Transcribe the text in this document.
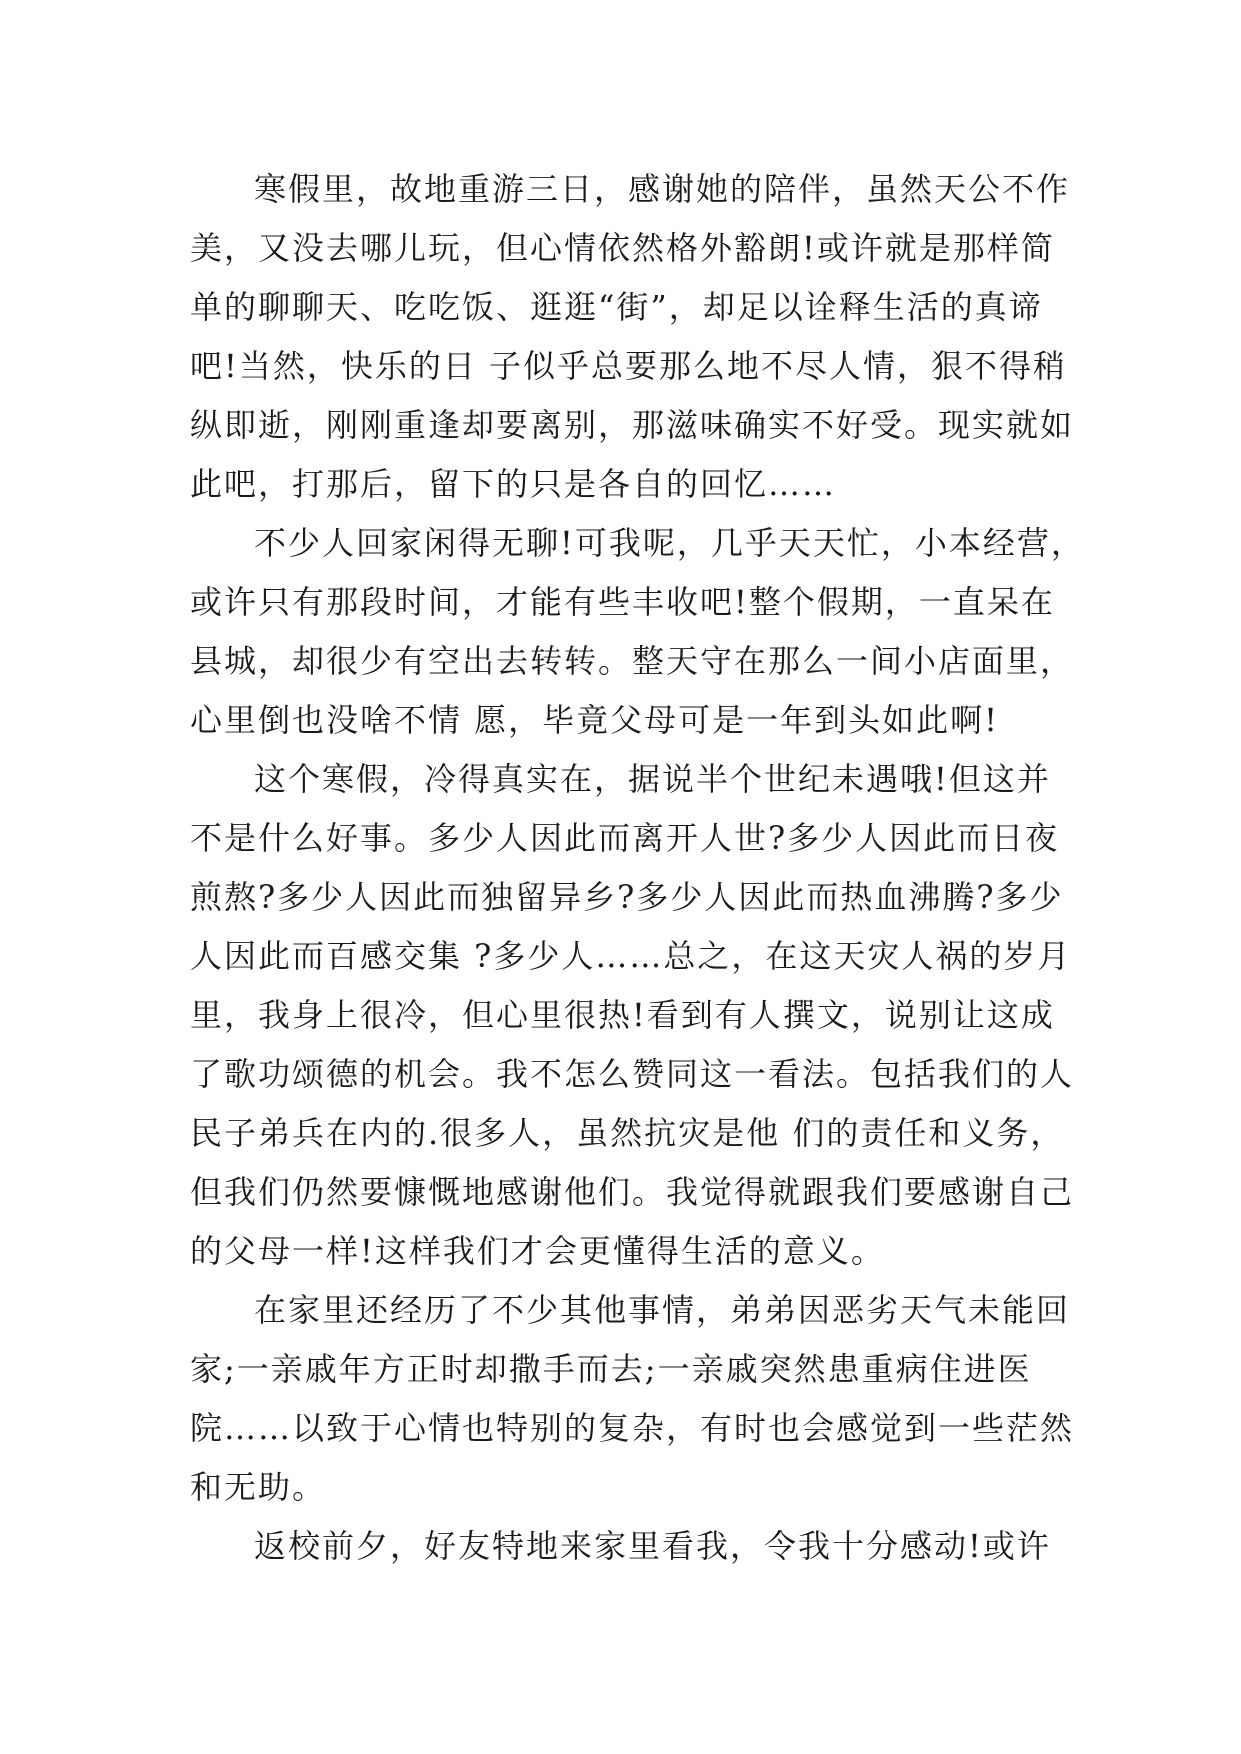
寒假里，故地重游三日，感谢她的陪伴，虽然天公不作
美，又没去哪儿玩，但心情依然格外豁朗!或许就是那样简
单的聊聊天、吃吃饭、逛逛“街”，却足以诠释生活的真谛
吧!当然，快乐的日 子似乎总要那么地不尽人情，狠不得稍
纵即逝，刚刚重逢却要离别，那滋味确实不好受。现实就如
此吧，打那后，留下的只是各自的回忆……
不少人回家闲得无聊!可我呢，几乎天天忙，小本经营，
或许只有那段时间，才能有些丰收吧!整个假期，一直呆在
县城，却很少有空出去转转。整天守在那么一间小店面里，
心里倒也没啥不情 愿，毕竟父母可是一年到头如此啊!
这个寒假，冷得真实在，据说半个世纪未遇哦!但这并
不是什么好事。多少人因此而离开人世?多少人因此而日夜
煎熬?多少人因此而独留异乡?多少人因此而热血沸腾?多少
人因此而百感交集 ?多少人……总之，在这天灾人祸的岁月
里，我身上很冷，但心里很热!看到有人撰文，说别让这成
了歌功颂德的机会。我不怎么赞同这一看法。包括我们的人
民子弟兵在内的.很多人，虽然抗灾是他 们的责任和义务，
但我们仍然要慷慨地感谢他们。我觉得就跟我们要感谢自己
的父母一样!这样我们才会更懂得生活的意义。
在家里还经历了不少其他事情，弟弟因恶劣天气未能回
家;一亲戚年方正时却撒手而去;一亲戚突然患重病住进医
院……以致于心情也特别的复杂，有时也会感觉到一些茫然
和无助。
返校前夕，好友特地来家里看我，令我十分感动!或许
